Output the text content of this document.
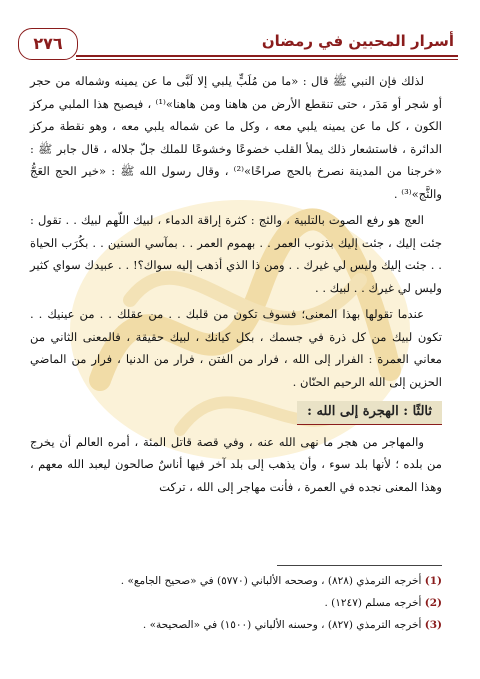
٢٧٦	أسرار المحبين في رمضان

لذلك فإن النبي ﷺ قال : «ما من مُلَبٍّ يلبي إلا لَبَّى ما عن يمينه وشماله من حجر أو شجر أو مَدَر ، حتى تنقطع الأرض من هاهنا ومن هاهنا»⁽¹⁾ ، فيصبح هذا الملبي مركز الكون ، كل ما عن يمينه يلبي معه ، وكل ما عن شماله يلبي معه ، وهو نقطة مركز الدائرة ، فاستشعار ذلك يملأ القلب خضوعًا وخشوعًا للملك جلّ جلاله ، قال جابر ﷺ : «خرجنا من المدينة نصرخ بالحج صراخًا»⁽²⁾ ، وقال رسول الله ﷺ : «خير الحج العَجُّ والثَّج»⁽³⁾ .

العج هو رفع الصوت بالتلبية ، والثج : كثرة إراقة الدماء ، لبيك اللّهم لبيك . . تقول : جئت إليك ، جئت إليك بذنوب العمر . . بهموم العمر . . بمآسي السنين . . بكُرَب الحياة . . جئت إليك وليس لي غيرك . . ومن ذا الذي أذهب إليه سواك؟! . . عبيدك سواي كثير وليس لي غيرك . . لبيك . .

عندما تقولها بهذا المعنى؛ فسوف تكون من قلبك . . من عقلك . . من عينيك . . تكون لبيك من كل ذرة في جسمك ، بكل كيانك ، لبيك حقيقة ، فالمعنى الثاني من معاني العمرة : الفرار إلى الله ، فرار من الفتن ، فرار من الدنيا ، فرار من الماضي الحزين إلى الله الرحيم الحنّان .

ثالثًا : الهجرة إلى الله :

والمهاجر من هجر ما نهى الله عنه ، وفي قصة قاتل المئة ، أمره العالم أن يخرج من بلده ؛ لأنها بلد سوء ، وأن يذهب إلى بلد آخر فيها أناسٌ صالحون ليعبد الله معهم ، وهذا المعنى نجده في العمرة ، فأنت مهاجر إلى الله ، تركت

(1) أخرجه الترمذي (٨٢٨) ، وصححه الألباني (٥٧٧٠) في «صحيح الجامع» .

(2) أخرجه مسلم (١٢٤٧) .

(3) أخرجه الترمذي (٨٢٧) ، وحسنه الألباني (١٥٠٠) في «الصحيحة» .
